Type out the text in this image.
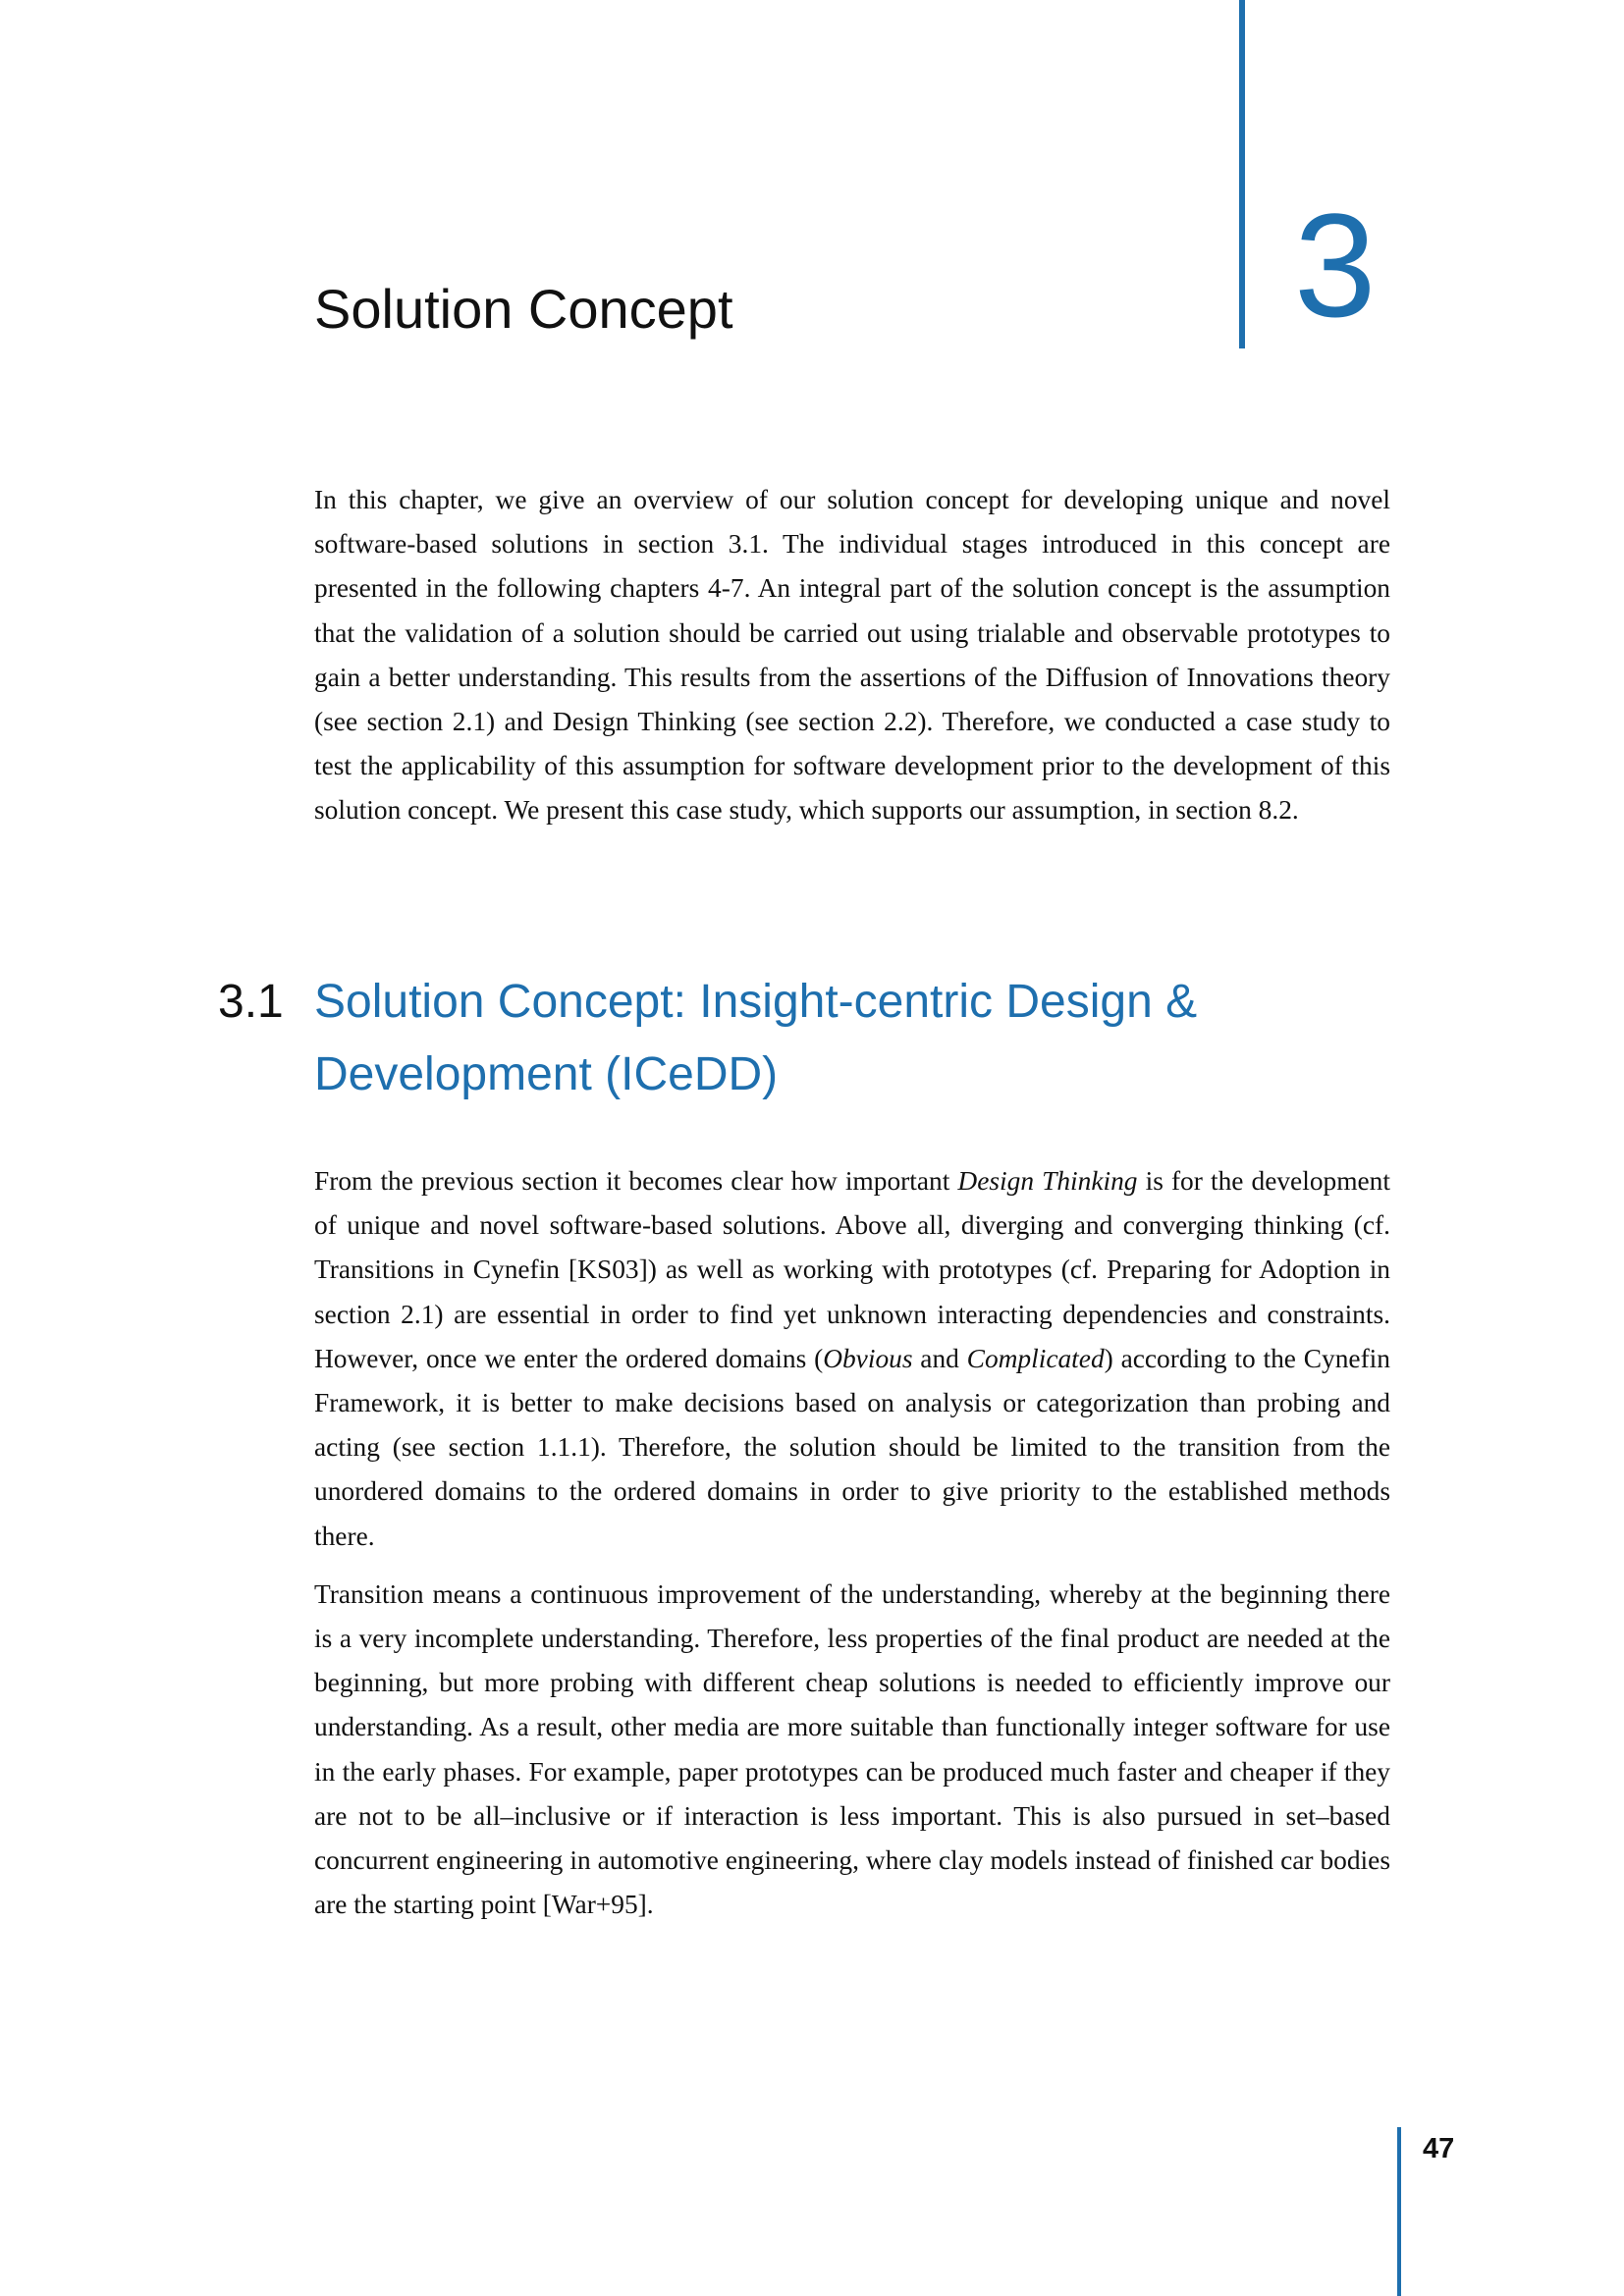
3
Solution Concept

In this chapter, we give an overview of our solution concept for developing unique and novel software-based solutions in section 3.1. The individual stages introduced in this concept are presented in the following chapters 4-7. An integral part of the solution concept is the assumption that the validation of a solution should be carried out using trialable and observable prototypes to gain a better understanding. This results from the assertions of the Diffusion of Innovations theory (see section 2.1) and Design Thinking (see section 2.2). Therefore, we conducted a case study to test the applicability of this assumption for software development prior to the development of this solution concept. We present this case study, which supports our assumption, in section 8.2.

3.1 Solution Concept: Insight-centric Design & Development (ICeDD)

From the previous section it becomes clear how important Design Thinking is for the development of unique and novel software-based solutions. Above all, diverging and converging thinking (cf. Transitions in Cynefin [KS03]) as well as working with prototypes (cf. Preparing for Adoption in section 2.1) are essential in order to find yet unknown interacting dependencies and constraints. However, once we enter the ordered domains (Obvious and Complicated) according to the Cynefin Framework, it is better to make decisions based on analysis or categorization than probing and acting (see section 1.1.1). Therefore, the solution should be limited to the transition from the unordered domains to the ordered domains in order to give priority to the established methods there.

Transition means a continuous improvement of the understanding, whereby at the beginning there is a very incomplete understanding. Therefore, less properties of the final product are needed at the beginning, but more probing with different cheap solutions is needed to efficiently improve our understanding. As a result, other media are more suitable than functionally integer software for use in the early phases. For example, paper prototypes can be produced much faster and cheaper if they are not to be all–inclusive or if interaction is less important. This is also pursued in set–based concurrent engineering in automotive engineering, where clay models instead of finished car bodies are the starting point [War+95].

47
